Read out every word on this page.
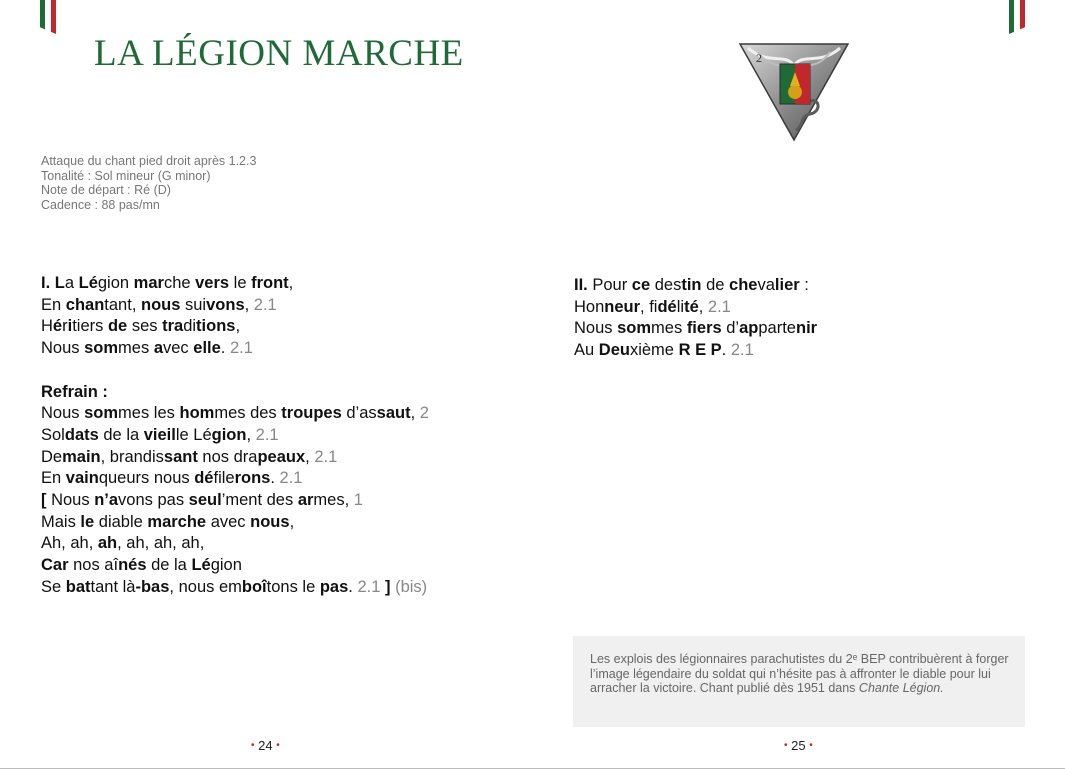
LA LÉGION MARCHE	2
Attaque du chant pied droit après 1.2.3
Tonalité : Sol mineur (G minor)
Note de départ : Ré (D)
Cadence : 88 pas/mn
I. La Légion marche vers le front,
En chantant, nous suivons, 2.1
Héritiers de ses traditions,
Nous sommes avec elle. 2.1
Refrain :
Nous sommes les hommes des troupes d’assaut, 2
Soldats de la vieille Légion, 2.1
Demain, brandissant nos drapeaux, 2.1
En vainqueurs nous défilerons. 2.1
[ Nous n’avons pas seul’ment des armes, 1
Mais le diable marche avec nous,
Ah, ah, ah, ah, ah, ah,
Car nos aînés de la Légion
Se battant là-bas, nous emboîtons le pas. 2.1 ] (bis)
II. Pour ce destin de chevalier :
Honneur, fidélité, 2.1
Nous sommes fiers d’appartenir
Au Deuxième R E P. 2.1
Les explois des légionnaires parachutistes du 2ᵉ BEP contribuèrent à forger l’image légendaire du soldat qui n’hésite pas à affronter le diable pour lui arracher la victoire. Chant publié dès 1951 dans Chante Légion.
• 24 •	• 25 •
